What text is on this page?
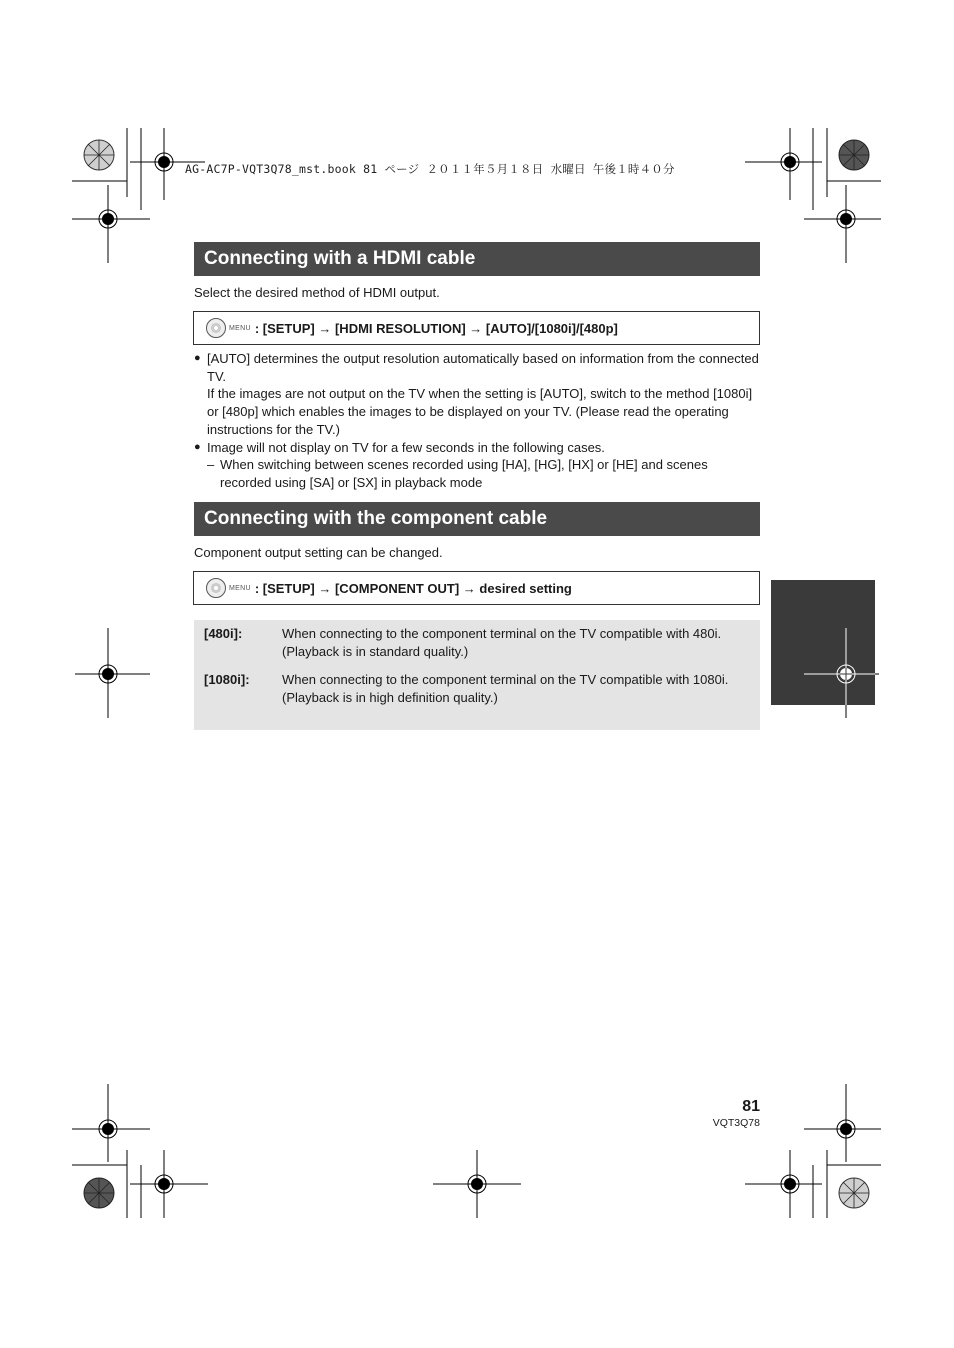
AG-AC7P-VQT3Q78_mst.book 81 ページ ２０１１年５月１８日 水曜日 午後１時４０分
Connecting with a HDMI cable
Select the desired method of HDMI output.
MENU : [SETUP] → [HDMI RESOLUTION] → [AUTO]/[1080i]/[480p]
● [AUTO] determines the output resolution automatically based on information from the connected TV.
If the images are not output on the TV when the setting is [AUTO], switch to the method [1080i] or [480p] which enables the images to be displayed on your TV. (Please read the operating instructions for the TV.)
● Image will not display on TV for a few seconds in the following cases.
– When switching between scenes recorded using [HA], [HG], [HX] or [HE] and scenes recorded using [SA] or [SX] in playback mode
Connecting with the component cable
Component output setting can be changed.
MENU : [SETUP] → [COMPONENT OUT] → desired setting
[480i]:	When connecting to the component terminal on the TV compatible with 480i.
(Playback is in standard quality.)
[1080i]:	When connecting to the component terminal on the TV compatible with 1080i.
(Playback is in high definition quality.)
81
VQT3Q78
